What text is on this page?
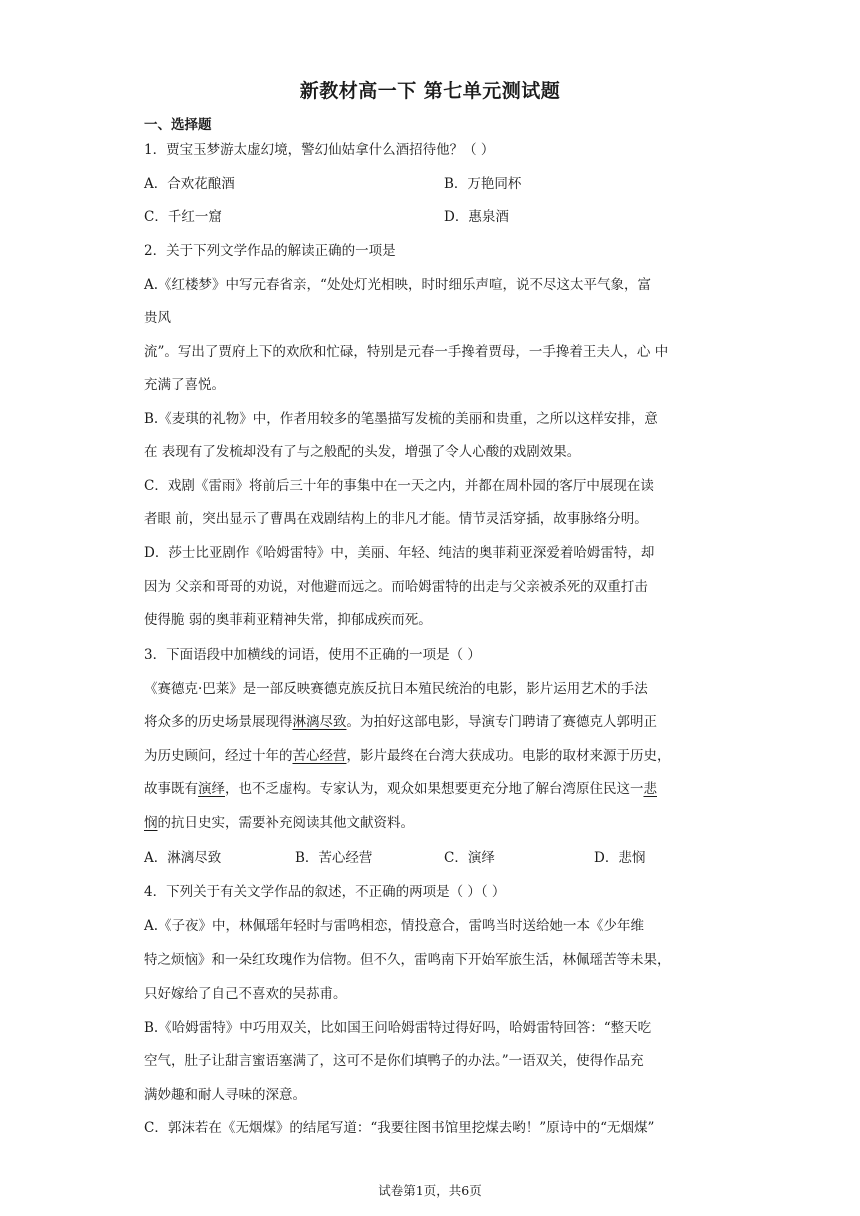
新教材高一下 第七单元测试题
一、选择题
1．贾宝玉梦游太虚幻境，警幻仙姑拿什么酒招待他？（ ）
A．合欢花酿酒	B．万艳同杯
C．千红一窟	D．惠泉酒
2．关于下列文学作品的解读正确的一项是
A.《红楼梦》中写元春省亲，“处处灯光相映，时时细乐声喧，说不尽这太平气象，富
贵风
流”。写出了贾府上下的欢欣和忙碌，特别是元春一手搀着贾母，一手搀着王夫人，心 中
充满了喜悦。
B.《麦琪的礼物》中，作者用较多的笔墨描写发梳的美丽和贵重，之所以这样安排，意
在 表现有了发梳却没有了与之般配的头发，增强了令人心酸的戏剧效果。
C．戏剧《雷雨》将前后三十年的事集中在一天之内，并都在周朴园的客厅中展现在读
者眼 前，突出显示了曹禺在戏剧结构上的非凡才能。情节灵活穿插，故事脉络分明。
D．莎士比亚剧作《哈姆雷特》中，美丽、年轻、纯洁的奥菲莉亚深爱着哈姆雷特，却
因为 父亲和哥哥的劝说，对他避而远之。而哈姆雷特的出走与父亲被杀死的双重打击
使得脆 弱的奥菲莉亚精神失常，抑郁成疾而死。
3．下面语段中加横线的词语，使用不正确的一项是（ ）
《赛德克·巴莱》是一部反映赛德克族反抗日本殖民统治的电影，影片运用艺术的手法
将众多的历史场景展现得淋漓尽致。为拍好这部电影，导演专门聘请了赛德克人郭明正
为历史顾问，经过十年的苦心经营，影片最终在台湾大获成功。电影的取材来源于历史，
故事既有演绎，也不乏虚构。专家认为，观众如果想要更充分地了解台湾原住民这一悲
悯的抗日史实，需要补充阅读其他文献资料。
A．淋漓尽致	B．苦心经营	C．演绎	D．悲悯
4．下列关于有关文学作品的叙述，不正确的两项是（ ）（ ）
A.《子夜》中，林佩瑶年轻时与雷鸣相恋，情投意合，雷鸣当时送给她一本《少年维
特之烦恼》和一朵红玫瑰作为信物。但不久，雷鸣南下开始军旅生活，林佩瑶苦等未果，
只好嫁给了自己不喜欢的吴荪甫。
B.《哈姆雷特》中巧用双关，比如国王问哈姆雷特过得好吗，哈姆雷特回答：“整天吃
空气，肚子让甜言蜜语塞满了，这可不是你们填鸭子的办法。”一语双关，使得作品充
满妙趣和耐人寻味的深意。
C．郭沫若在《无烟煤》的结尾写道：“我要往图书馆里挖煤去哟！”原诗中的“无烟煤”
试卷第1页，共6页
